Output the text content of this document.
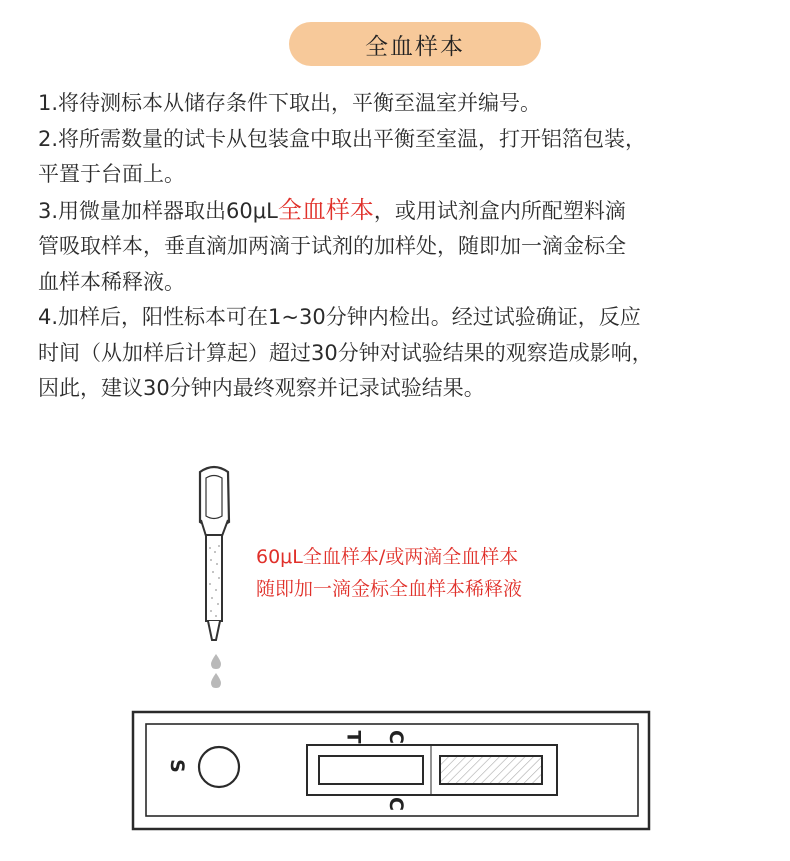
全血样本

1.将待测标本从储存条件下取出，平衡至温室并编号。

2.将所需数量的试卡从包装盒中取出平衡至室温，打开铝箔包装，

平置于台面上。

3.用微量加样器取出60μL全血样本，或用试剂盒内所配塑料滴

管吸取样本，垂直滴加两滴于试剂的加样处，随即加一滴金标全

血样本稀释液。

4.加样后，阳性标本可在1~30分钟内检出。经过试验确证，反应

时间（从加样后计算起）超过30分钟对试验结果的观察造成影响，

因此，建议30分钟内最终观察并记录试验结果。

60μL全血样本/或两滴全血样本
随即加一滴金标全血样本稀释液
S
T C
C
